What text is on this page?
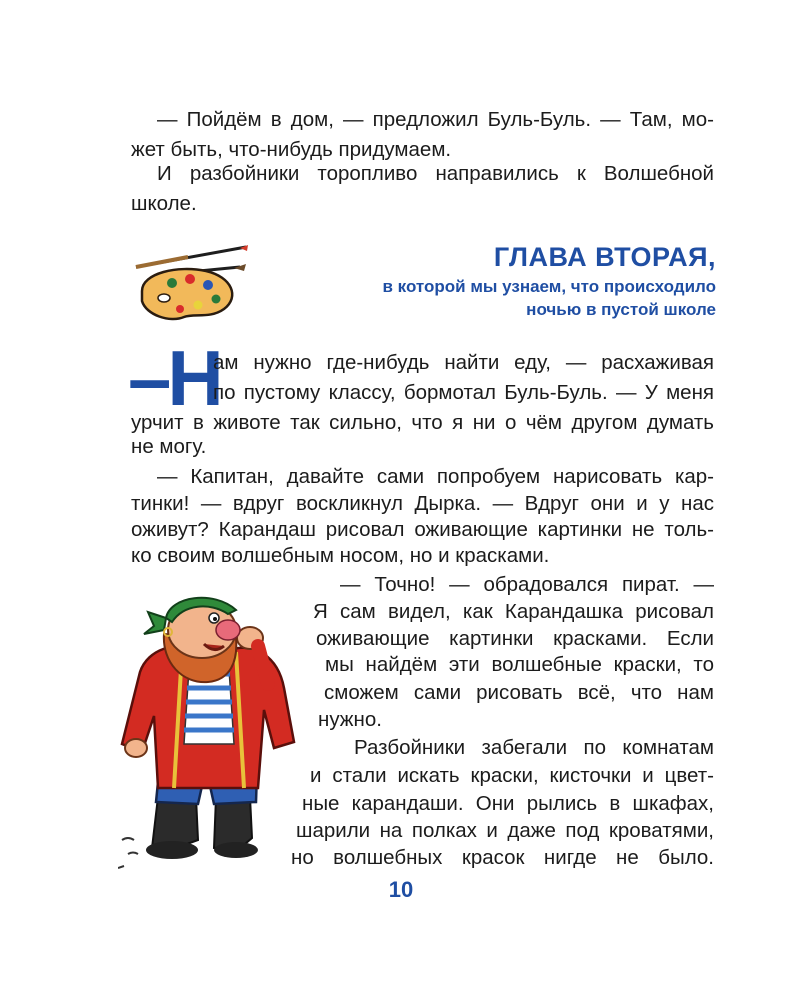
— Пойдём в дом, — предложил Буль-Буль. — Там, мо-
жет быть, что-нибудь придумаем.
И разбойники торопливо направились к Волшебной
школе.
ГЛАВА ВТОРАЯ,
в которой мы узнаем, что происходило
ночью в пустой школе
–Н
ам нужно где-нибудь найти еду, — расхаживая
по пустому классу, бормотал Буль-Буль. — У меня
урчит в животе так сильно, что я ни о чём другом думать
не могу.
— Капитан, давайте сами попробуем нарисовать кар-
тинки! — вдруг воскликнул Дырка. — Вдруг они и у нас
оживут? Карандаш рисовал оживающие картинки не толь-
ко своим волшебным носом, но и красками.
— Точно! — обрадовался пират. —
Я сам видел, как Карандашка рисовал
оживающие картинки красками. Если
мы найдём эти волшебные краски, то
сможем сами рисовать всё, что нам
нужно.
Разбойники забегали по комнатам
и стали искать краски, кисточки и цвет-
ные карандаши. Они рылись в шкафах,
шарили на полках и даже под кроватями,
но волшебных красок нигде не было.
10
